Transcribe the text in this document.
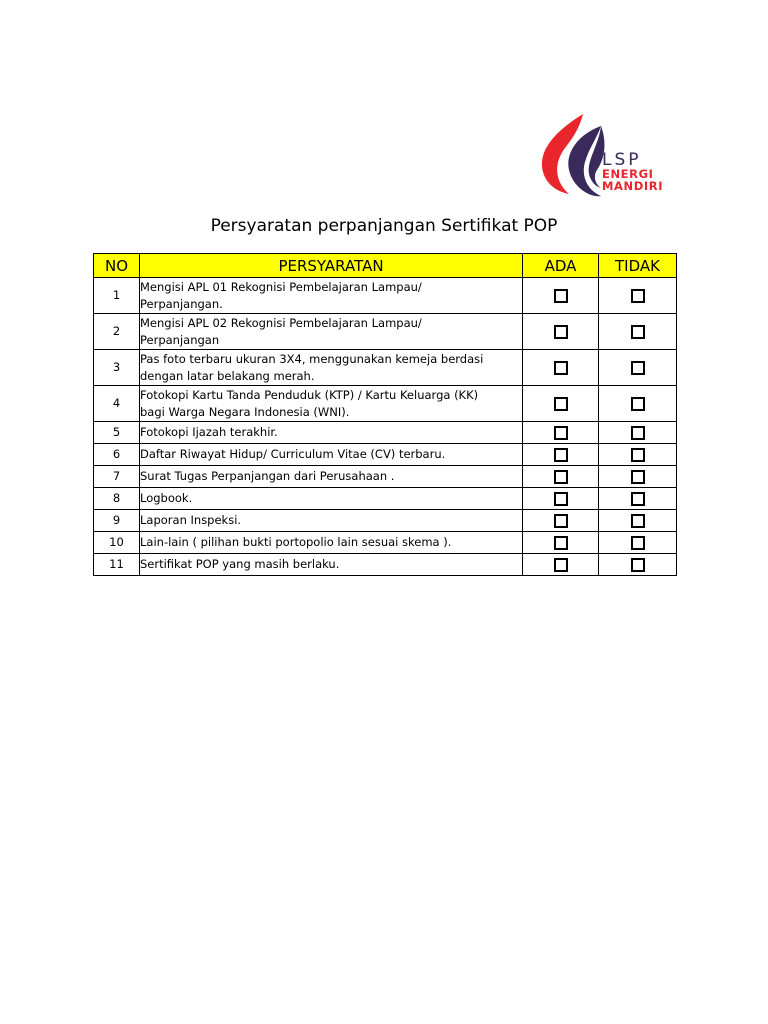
LSP
ENERGI
MANDIRI
Persyaratan perpanjangan Sertifikat POP
NO	PERSYARATAN	ADA	TIDAK
1	Mengisi APL 01 Rekognisi Pembelajaran Lampau/
Perpanjangan.		

2	Mengisi APL 02 Rekognisi Pembelajaran Lampau/
Perpanjangan		

3	Pas foto terbaru ukuran 3X4, menggunakan kemeja berdasi
dengan latar belakang merah.		

4	Fotokopi Kartu Tanda Penduduk (KTP) / Kartu Keluarga (KK)
bagi Warga Negara Indonesia (WNI).		

5	Fotokopi Ijazah terakhir.		

6	Daftar Riwayat Hidup/ Curriculum Vitae (CV) terbaru.		

7	Surat Tugas Perpanjangan dari Perusahaan .		

8	Logbook.		

9	Laporan Inspeksi.		

10	Lain-lain ( pilihan bukti portopolio lain sesuai skema ).		

11	Sertifikat POP yang masih berlaku.		
